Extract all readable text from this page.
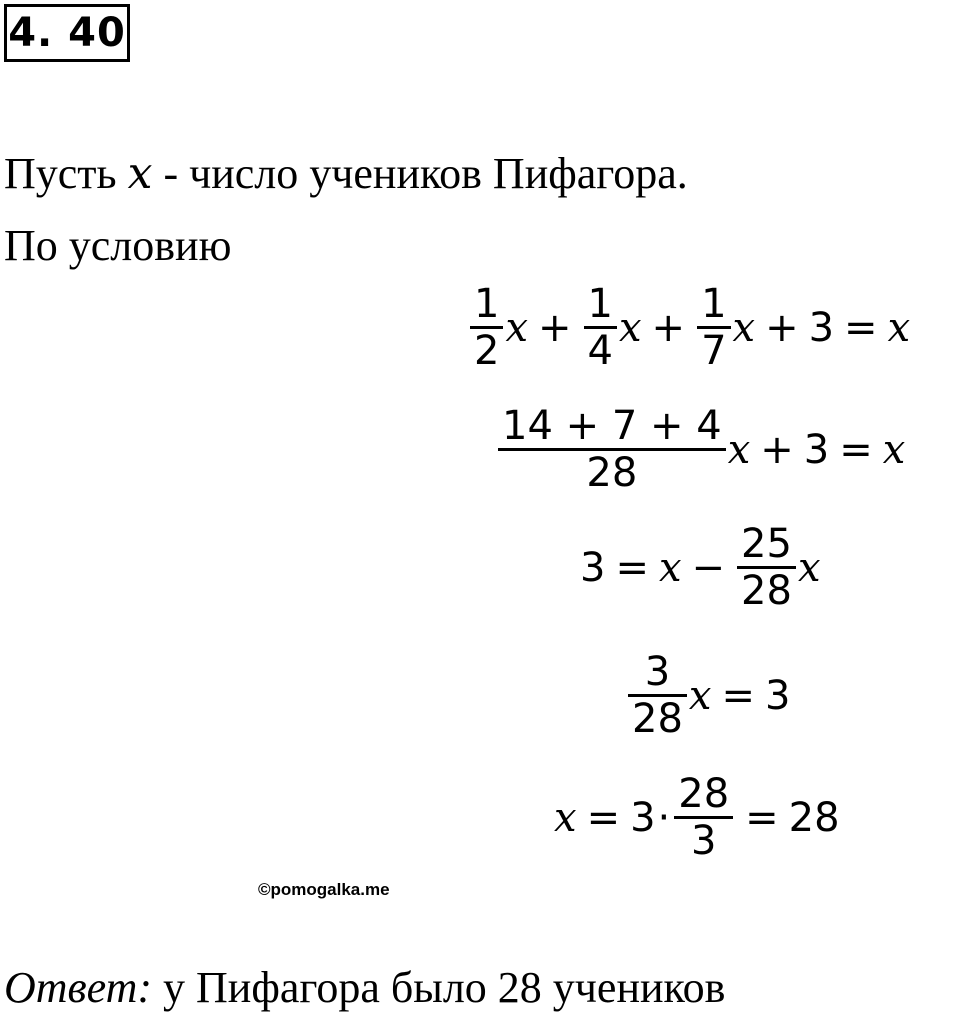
4. 40
Пусть x - число учеников Пифагора.
По условию
$\frac{1}{2}$ $x + \frac{1}{4}$ $x + \frac{1}{7}$ x + 3 = x
$\frac{14 + 7 + 4}{28}$ x + 3 = x
$3 = x - \frac{25}{28}$ x
$\frac{3}{28}$ x = 3
$x = 3 \cdot \frac{28}{3} = 28$
©pomogalka.me
Ответ: у Пифагора было 28 учеников
